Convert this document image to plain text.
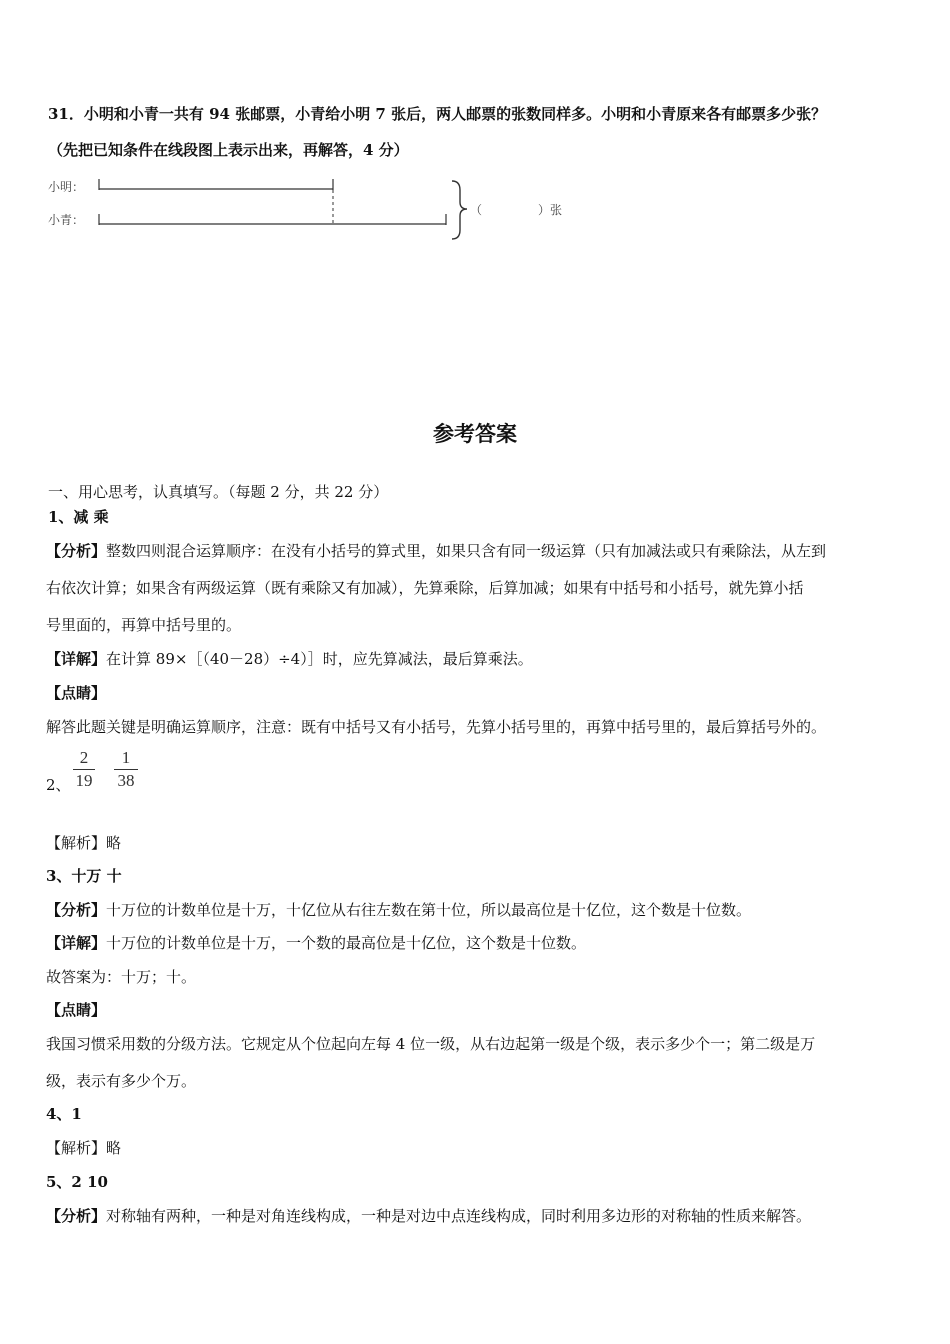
31．小明和小青一共有 94 张邮票，小青给小明 7 张后，两人邮票的张数同样多。小明和小青原来各有邮票多少张？
（先把已知条件在线段图上表示出来，再解答，4 分）
小明：
小青：
（	）张
参考答案
一、用心思考，认真填写。（每题 2 分，共 22 分）
1、减 乘
【分析】整数四则混合运算顺序：在没有小括号的算式里，如果只含有同一级运算（只有加减法或只有乘除法，从左到
右依次计算；如果含有两级运算（既有乘除又有加减），先算乘除，后算加减；如果有中括号和小括号，就先算小括
号里面的，再算中括号里的。
【详解】在计算 89×［（40－28）÷4）］时，应先算减法，最后算乘法。
【点睛】
解答此题关键是明确运算顺序，注意：既有中括号又有小括号，先算小括号里的，再算中括号里的，最后算括号外的。
2、
2
19
1
38
【解析】略
3、十万 十
【分析】十万位的计数单位是十万，十亿位从右往左数在第十位，所以最高位是十亿位，这个数是十位数。
【详解】十万位的计数单位是十万，一个数的最高位是十亿位，这个数是十位数。
故答案为：十万；十。
【点睛】
我国习惯采用数的分级方法。它规定从个位起向左每 4 位一级，从右边起第一级是个级，表示多少个一；第二级是万
级，表示有多少个万。
4、1
【解析】略
5、2 10
【分析】对称轴有两种，一种是对角连线构成，一种是对边中点连线构成，同时利用多边形的对称轴的性质来解答。
